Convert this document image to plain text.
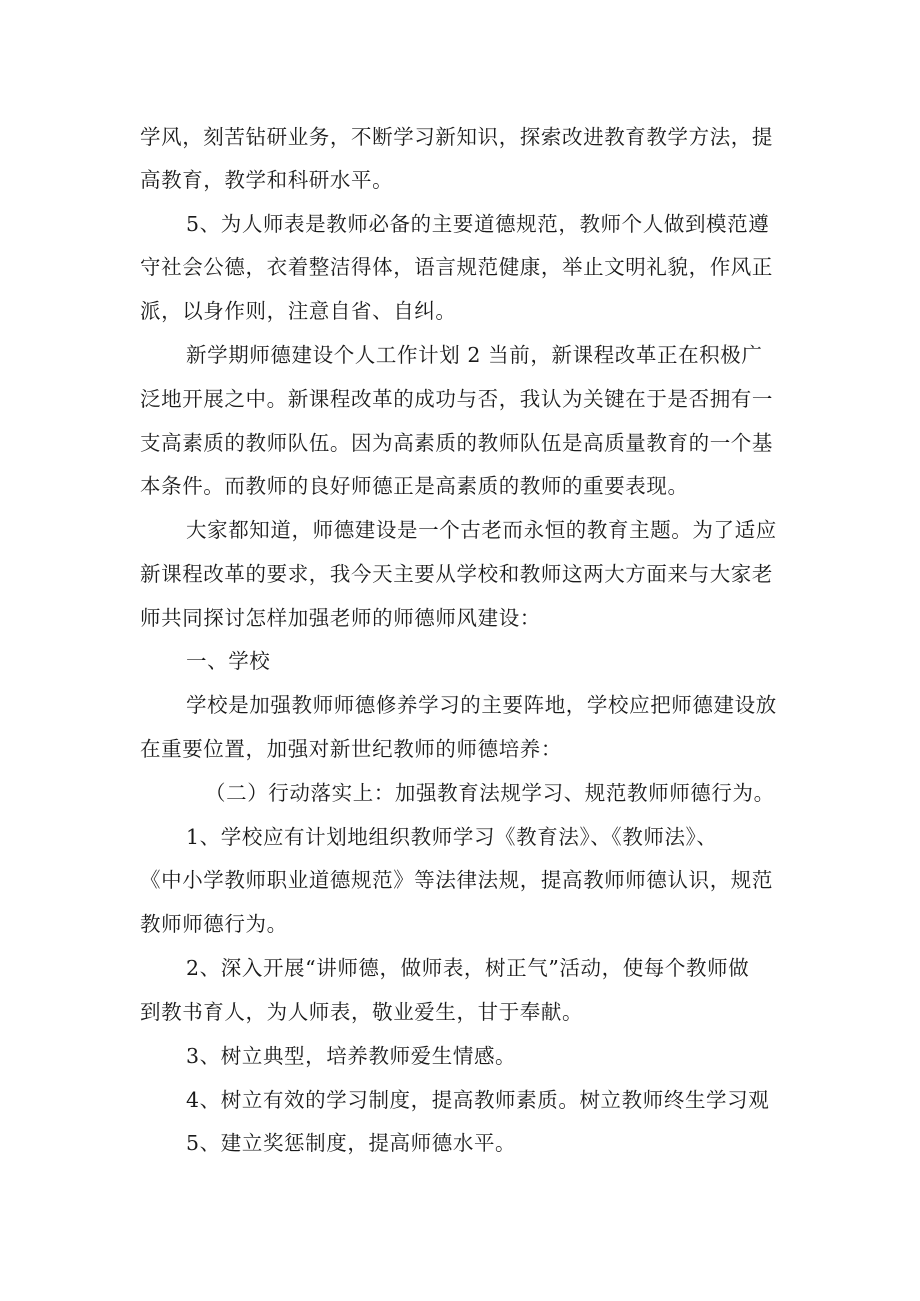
学风，刻苦钻研业务，不断学习新知识，探索改进教育教学方法，提
高教育，教学和科研水平。
5、为人师表是教师必备的主要道德规范，教师个人做到模范遵
守社会公德，衣着整洁得体，语言规范健康，举止文明礼貌，作风正
派，以身作则，注意自省、自纠。
新学期师德建设个人工作计划 2 当前，新课程改革正在积极广
泛地开展之中。新课程改革的成功与否，我认为关键在于是否拥有一
支高素质的教师队伍。因为高素质的教师队伍是高质量教育的一个基
本条件。而教师的良好师德正是高素质的教师的重要表现。
大家都知道，师德建设是一个古老而永恒的教育主题。为了适应
新课程改革的要求，我今天主要从学校和教师这两大方面来与大家老
师共同探讨怎样加强老师的师德师风建设：
一、学校
学校是加强教师师德修养学习的主要阵地，学校应把师德建设放
在重要位置，加强对新世纪教师的师德培养：
（二）行动落实上：加强教育法规学习、规范教师师德行为。
1、学校应有计划地组织教师学习《教育法》、《教师法》、
《中小学教师职业道德规范》等法律法规，提高教师师德认识，规范
教师师德行为。
2、深入开展“讲师德，做师表，树正气”活动，使每个教师做
到教书育人，为人师表，敬业爱生，甘于奉献。
3、树立典型，培养教师爱生情感。
4、树立有效的学习制度，提高教师素质。树立教师终生学习观
5、建立奖惩制度，提高师德水平。
